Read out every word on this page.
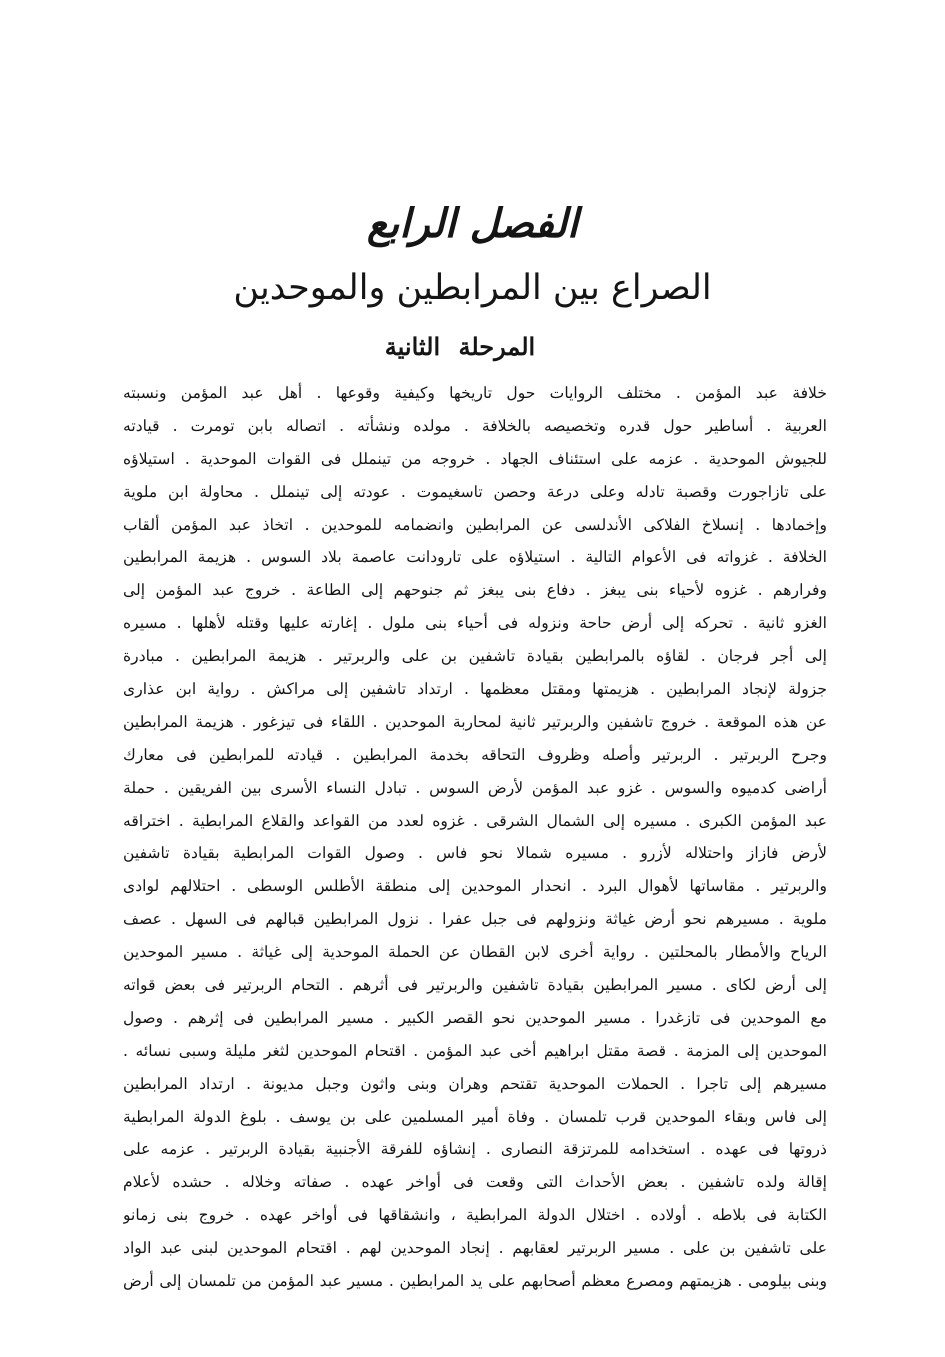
الفصل الرابع
الصراع بين المرابطين والموحدين
المرحلة الثانية
خلافة عبد المؤمن . مختلف الروايات حول تاريخها وكيفية وقوعها . أهل عبد المؤمن ونسبته
العربية . أساطير حول قدره وتخصيصه بالخلافة . مولده ونشأته . اتصاله بابن تومرت . قيادته
للجيوش الموحدية . عزمه على استئناف الجهاد . خروجه من تينملل فى القوات الموحدية . استيلاؤه
على تازاجورت وقصبة تادله وعلى درعة وحصن تاسغيموت . عودته إلى تينملل . محاولة ابن ملوية
وإخمادها . إنسلاخ الفلاكى الأندلسى عن المرابطين وانضمامه للموحدين . اتخاذ عبد المؤمن ألقاب
الخلافة . غزواته فى الأعوام التالية . استيلاؤه على تارودانت عاصمة بلاد السوس . هزيمة المرابطين
وفرارهم . غزوه لأحياء بنى يبغز . دفاع بنى يبغز ثم جنوحهم إلى الطاعة . خروج عبد المؤمن إلى
الغزو ثانية . تحركه إلى أرض حاحة ونزوله فى أحياء بنى ملول . إغارته عليها وقتله لأهلها . مسيره
إلى أجر فرجان . لقاؤه بالمرابطين بقيادة تاشفين بن على والربرتير . هزيمة المرابطين . مبادرة
جزولة لإنجاد المرابطين . هزيمتها ومقتل معظمها . ارتداد تاشفين إلى مراكش . رواية ابن عذارى
عن هذه الموقعة . خروج تاشفين والربرتير ثانية لمحاربة الموحدين . اللقاء فى تيزغور . هزيمة المرابطين
وجرح الربرتير . الربرتير وأصله وظروف التحاقه بخدمة المرابطين . قيادته للمرابطين فى معارك
أراضى كدميوه والسوس . غزو عبد المؤمن لأرض السوس . تبادل النساء الأسرى بين الفريقين . حملة
عبد المؤمن الكبرى . مسيره إلى الشمال الشرقى . غزوه لعدد من القواعد والقلاع المرابطية . اختراقه
لأرض فازاز واحتلاله لأزرو . مسيره شمالا نحو فاس . وصول القوات المرابطية بقيادة تاشفين
والربرتير . مقاساتها لأهوال البرد . انحدار الموحدين إلى منطقة الأطلس الوسطى . احتلالهم لوادى
ملوية . مسيرهم نحو أرض غياثة ونزولهم فى جبل عفرا . نزول المرابطين قبالهم فى السهل . عصف
الرياح والأمطار بالمحلتين . رواية أخرى لابن القطان عن الحملة الموحدية إلى غياثة . مسير الموحدين
إلى أرض لكاى . مسير المرابطين بقيادة تاشفين والربرتير فى أثرهم . التحام الربرتير فى بعض قواته
مع الموحدين فى تازغدرا . مسير الموحدين نحو القصر الكبير . مسير المرابطين فى إثرهم . وصول
الموحدين إلى المزمة . قصة مقتل ابراهيم أخى عبد المؤمن . اقتحام الموحدين لثغر مليلة وسبى نسائه .
مسيرهم إلى تاجرا . الحملات الموحدية تقتحم وهران وبنى واثون وجبل مديونة . ارتداد المرابطين
إلى فاس وبقاء الموحدين قرب تلمسان . وفاة أمير المسلمين على بن يوسف . بلوغ الدولة المرابطية
ذروتها فى عهده . استخدامه للمرتزقة النصارى . إنشاؤه للفرقة الأجنبية بقيادة الربرتير . عزمه على
إقالة ولده تاشفين . بعض الأحداث التى وقعت فى أواخر عهده . صفاته وخلاله . حشده لأعلام
الكتابة فى بلاطه . أولاده . اختلال الدولة المرابطية ، وانشقاقها فى أواخر عهده . خروج بنى زمانو
على تاشفين بن على . مسير الربرتير لعقابهم . إنجاد الموحدين لهم . اقتحام الموحدين لبنى عبد الواد
وبنى بيلومى . هزيمتهم ومصرع معظم أصحابهم على يد المرابطين . مسير عبد المؤمن من تلمسان إلى أرض
